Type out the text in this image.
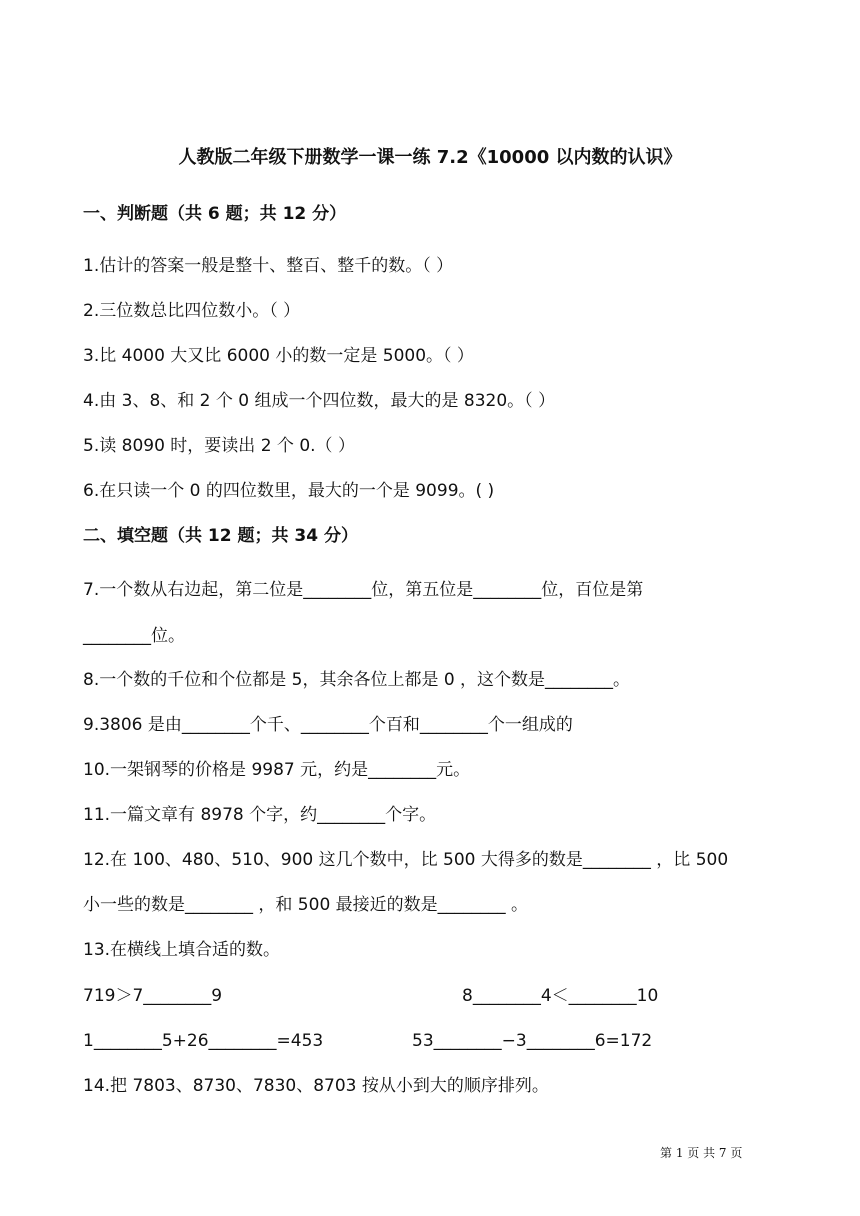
人教版二年级下册数学一课一练 7.2《10000 以内数的认识》
一、判断题（共 6 题；共 12 分）
1.估计的答案一般是整十、整百、整千的数。（ ）
2.三位数总比四位数小。（ ）
3.比 4000 大又比 6000 小的数一定是 5000。（ ）
4.由 3、8、和 2 个 0 组成一个四位数，最大的是 8320。（ ）
5.读 8090 时，要读出 2 个 0.（ ）
6.在只读一个 0 的四位数里，最大的一个是 9099。( )
二、填空题（共 12 题；共 34 分）
7.一个数从右边起，第二位是________位，第五位是________位，百位是第
________位。
8.一个数的千位和个位都是 5，其余各位上都是 0 ，这个数是________。
9.3806 是由________个千、________个百和________个一组成的
10.一架钢琴的价格是 9987 元，约是________元。
11.一篇文章有 8978 个字，约________个字。
12.在 100、480、510、900 这几个数中，比 500 大得多的数是________ ，比 500
小一些的数是________ ，和 500 最接近的数是________ 。
13.在横线上填合适的数。
719＞7________9	8________4＜________10
1________5+26________=453	53________−3________6=172
14.把 7803、8730、7830、8703 按从小到大的顺序排列。
第 1 页 共 7 页
